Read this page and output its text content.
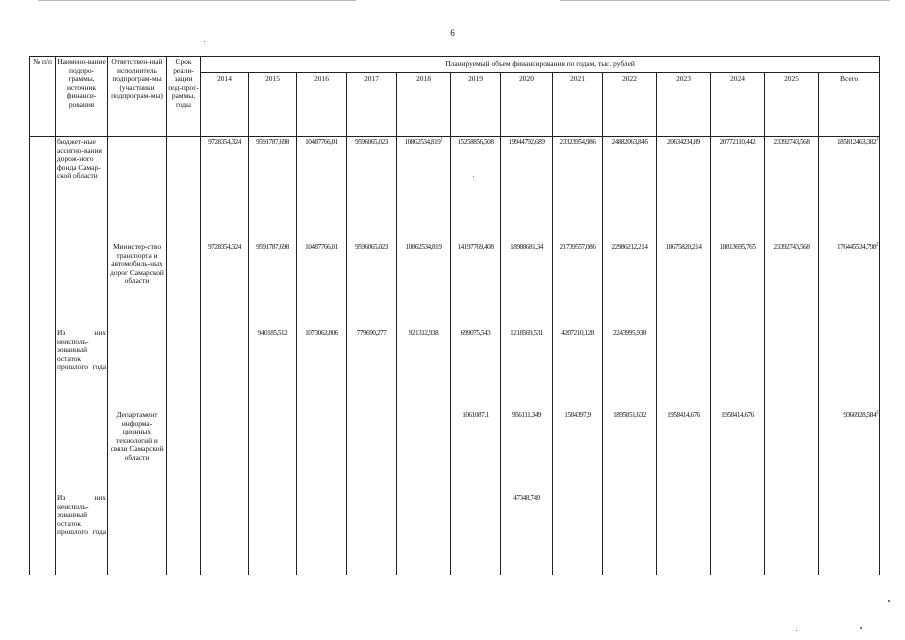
6
№ п/п	Наимено-вание подпро-граммы, источник финанси-рования	Ответствен-ный исполнитель подпрограм-мы (участники подпрограм-мы)	Срок реали-зации под-прог-раммы, годы	Планируемый объем финансирования по годам, тыс. рублей												
				2014	2015	2016	2017	2018	2019	2020	2021	2022	2023	2024	2025	Всего
	бюджет-ные ассигно-вания дорож-ного фонда Самар-ской области			9728354,324	9591787,698	10487766,01	9596065,023	10862534,819$^1$	15258856,508	19944792,689	23323954,986	24882063,846	20634234,89	20772110,442	23392743,568	185812463,382$^1$
		Министер-ство транспорта и автомобиль-ных дорог Самарской области		9728354,324	9591787,698	10487766,01	9596065,023	10862534,819	14197769,408	18988681,34	21739557,086	22986212,214	18675820,214	18813695,765	23392743,568	176445534,798$^2$
	Из них неисполь-зованный остаток прошлого года				940185,512	1073062,806	779690,277	921312,938	699075,543	1218569,531	4207210,128	2243995,938				
		Департамент информа-ционных технологий и связи Самарской области							1061087,1	956111,349	1584397,9	1895851,632	1958414,676	1958414,676		9366928,584$^2$
	Из них неисполь-зованный остаток прошлого года									47348,749						
